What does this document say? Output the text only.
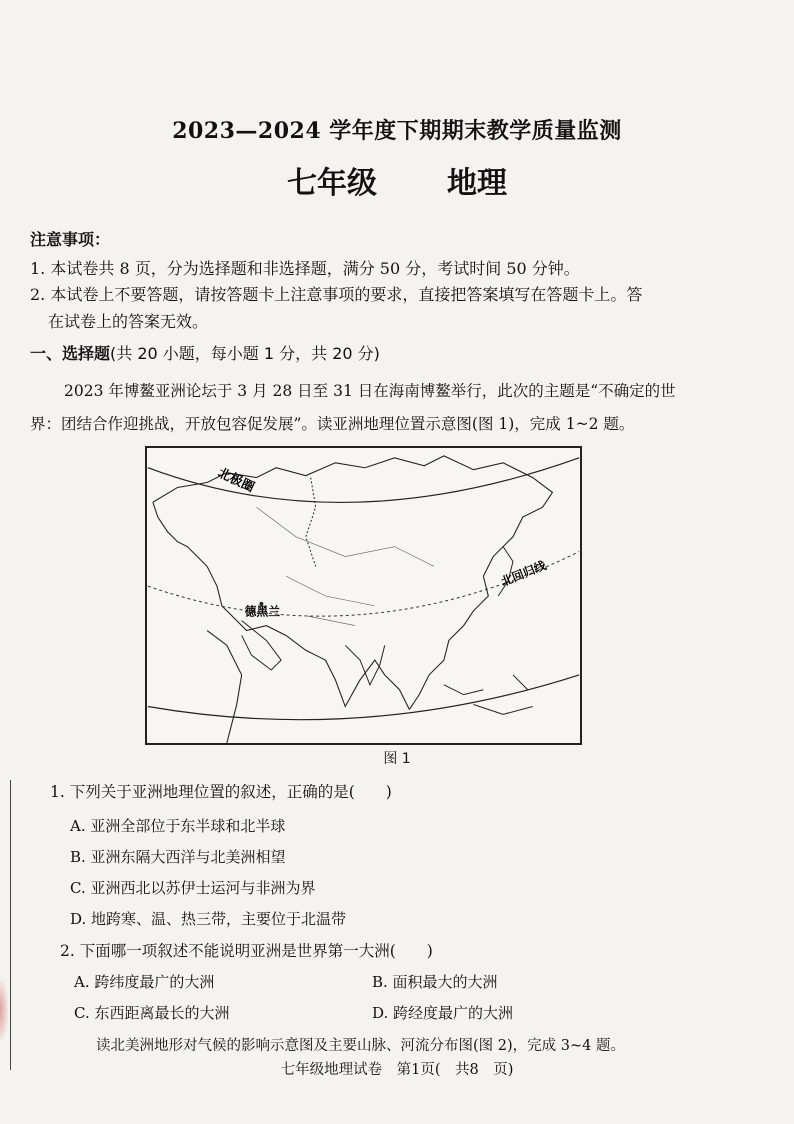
2023—2024 学年度下期期末教学质量监测
七年级 地理
注意事项：
1. 本试卷共 8 页，分为选择题和非选择题，满分 50 分，考试时间 50 分钟。
2. 本试卷上不要答题，请按答题卡上注意事项的要求，直接把答案填写在答题卡上。答
在试卷上的答案无效。
一、选择题(共 20 小题，每小题 1 分，共 20 分)
2023 年博鳌亚洲论坛于 3 月 28 日至 31 日在海南博鳌举行，此次的主题是“不确定的世界：团结合作迎挑战，开放包容促发展”。读亚洲地理位置示意图(图 1)，完成 1~2 题。
北极圈
北回归线
德黑兰
图 1
1. 下列关于亚洲地理位置的叙述，正确的是(　　)
A. 亚洲全部位于东半球和北半球
B. 亚洲东隔大西洋与北美洲相望
C. 亚洲西北以苏伊士运河与非洲为界
D. 地跨寒、温、热三带，主要位于北温带
2. 下面哪一项叙述不能说明亚洲是世界第一大洲(　　)
A. 跨纬度最广的大洲	B. 面积最大的大洲
C. 东西距离最长的大洲	D. 跨经度最广的大洲
读北美洲地形对气候的影响示意图及主要山脉、河流分布图(图 2)，完成 3~4 题。
七年级地理试卷　第1页(　共8　页)
